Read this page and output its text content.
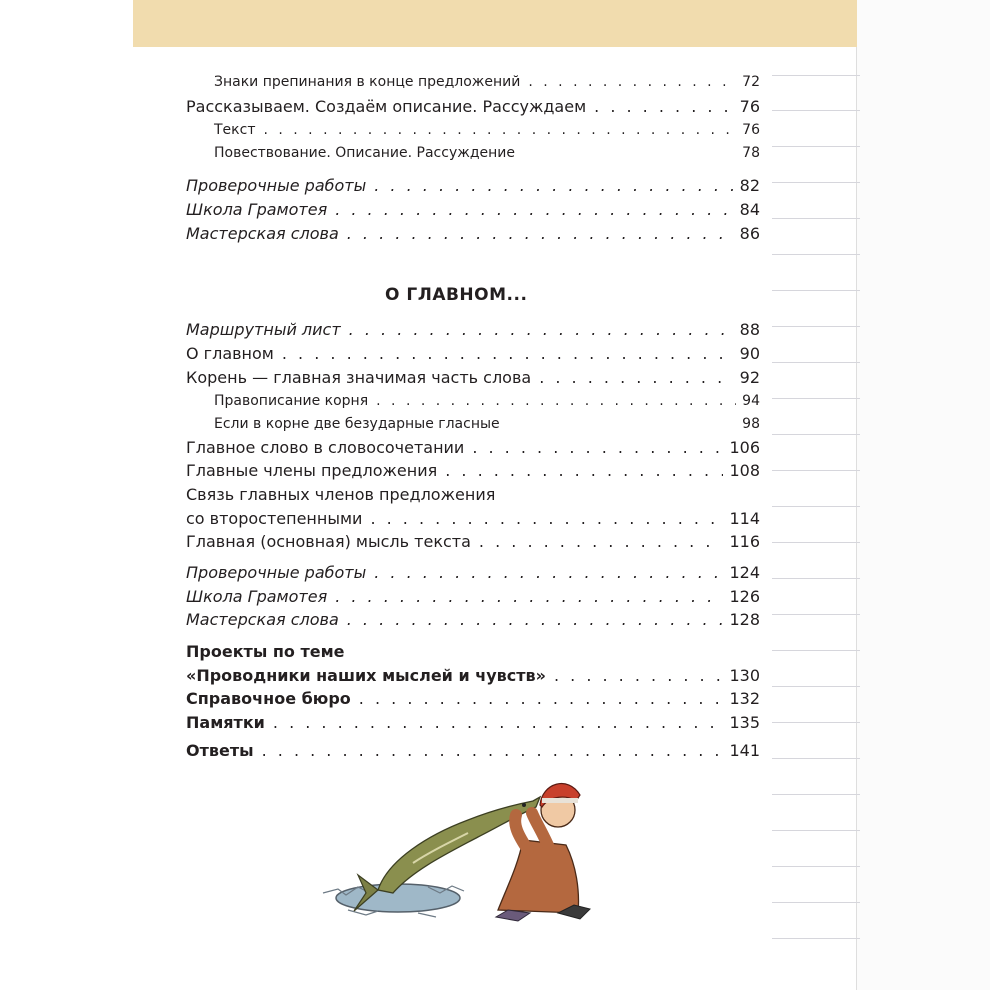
Знаки препинания в конце предложений . . .	72
Рассказываем. Создаём описание. Рассуждаем . . .	76
Текст . . .	76
Повествование. Описание. Рассуждение	78
Проверочные работы . . .	82
Школа Грамотея . . .	84
Мастерская слова . . .	86
О ГЛАВНОМ...
Маршрутный лист . . .	88
О главном . . .	90
Корень — главная значимая часть слова . . .	92
Правописание корня . . .	94
Если в корне две безударные гласные	98
Главное слово в словосочетании . . .	106
Главные члены предложения . . .	108
Связь главных членов предложения
со второстепенными . . .	114
Главная (основная) мысль текста . . .	116
Проверочные работы . . .	124
Школа Грамотея . . .	126
Мастерская слова . . .	128
Проекты по теме
«Проводники наших мыслей и чувств» . . .	130
Справочное бюро . . .	132
Памятки . . .	135
Ответы . . .	141
